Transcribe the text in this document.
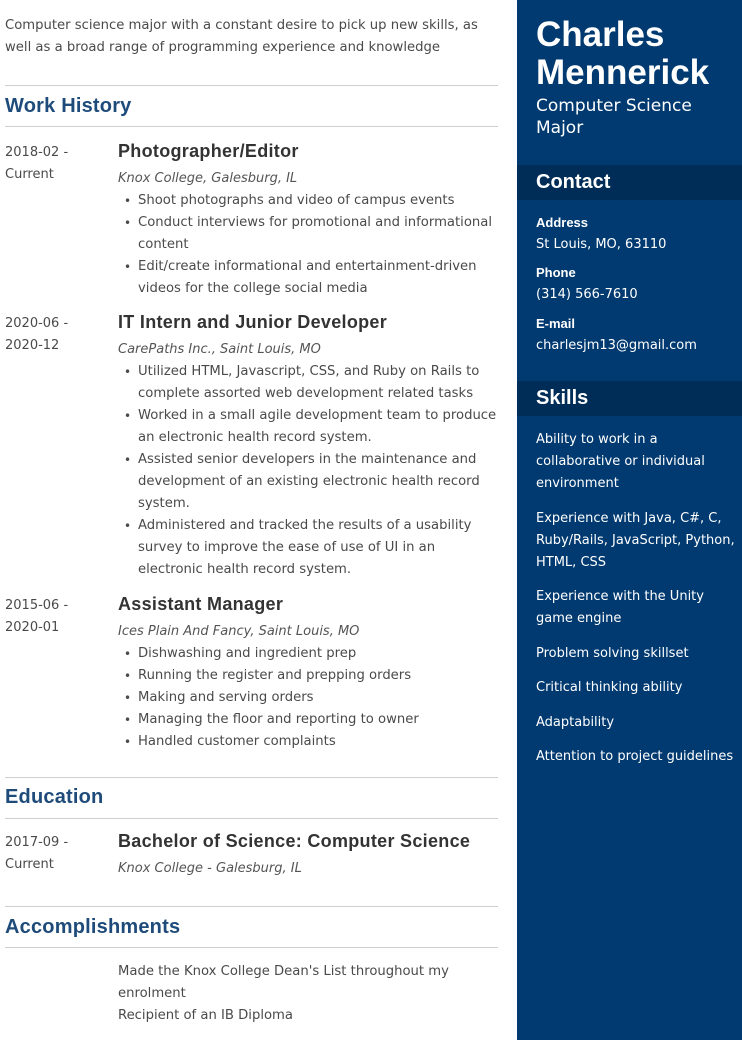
Computer science major with a constant desire to pick up new skills, as well as a broad range of programming experience and knowledge

Work History
2018-02 -
Current
Photographer/Editor
Knox College, Galesburg, IL
• Shoot photographs and video of campus events
• Conduct interviews for promotional and informational content
• Edit/create informational and entertainment-driven videos for the college social media
2020-06 -
2020-12
IT Intern and Junior Developer
CarePaths Inc., Saint Louis, MO
• Utilized HTML, Javascript, CSS, and Ruby on Rails to complete assorted web development related tasks
• Worked in a small agile development team to produce an electronic health record system.
• Assisted senior developers in the maintenance and development of an existing electronic health record system.
• Administered and tracked the results of a usability survey to improve the ease of use of UI in an electronic health record system.
2015-06 -
2020-01
Assistant Manager
Ices Plain And Fancy, Saint Louis, MO
• Dishwashing and ingredient prep
• Running the register and prepping orders
• Making and serving orders
• Managing the floor and reporting to owner
• Handled customer complaints
Education
2017-09 -
Current
Bachelor of Science: Computer Science
Knox College - Galesburg, IL
Accomplishments
Made the Knox College Dean's List throughout my enrolment
Recipient of an IB Diploma
Charles
Mennerick
Computer Science Major
Contact
Address
St Louis, MO, 63110
Phone
(314) 566-7610
E-mail
charlesjm13@gmail.com
Skills
Ability to work in a collaborative or individual environment
Experience with Java, C#, C, Ruby/Rails, JavaScript, Python, HTML, CSS
Experience with the Unity game engine
Problem solving skillset
Critical thinking ability
Adaptability
Attention to project guidelines
